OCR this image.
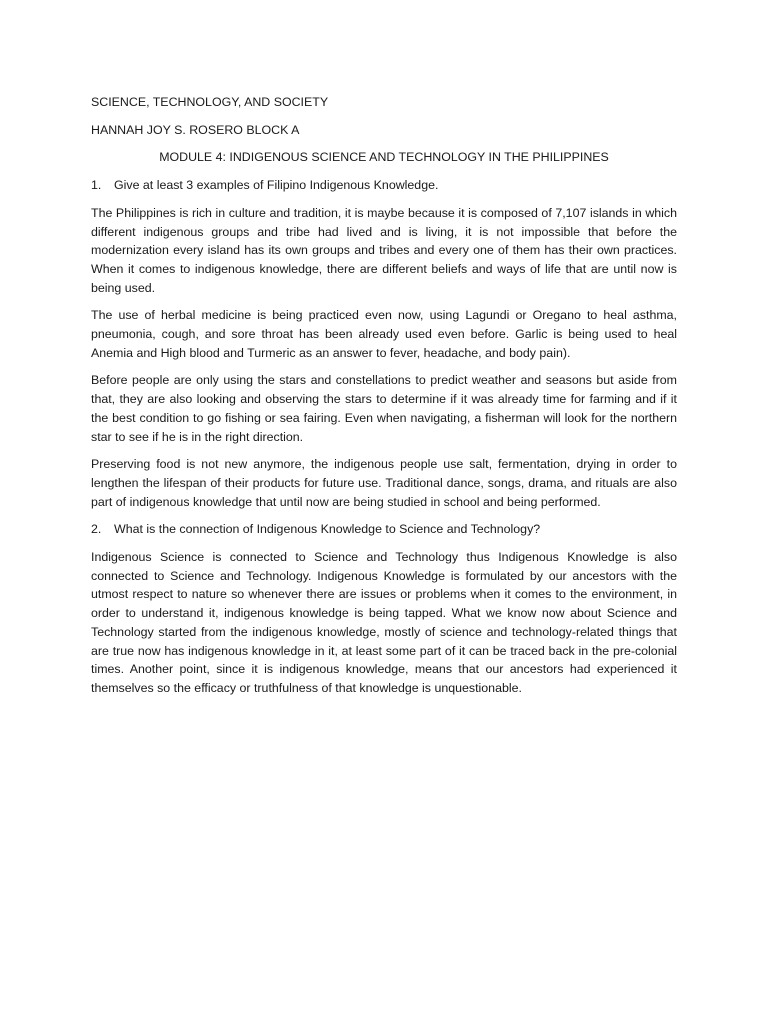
SCIENCE, TECHNOLOGY, AND SOCIETY
HANNAH JOY S. ROSERO BLOCK A
MODULE 4: INDIGENOUS SCIENCE AND TECHNOLOGY IN THE PHILIPPINES
1.	Give at least 3 examples of Filipino Indigenous Knowledge.

The Philippines is rich in culture and tradition, it is maybe because it is composed of 7,107 islands in which different indigenous groups and tribe had lived and is living, it is not impossible that before the modernization every island has its own groups and tribes and every one of them has their own practices. When it comes to indigenous knowledge, there are different beliefs and ways of life that are until now is being used.

The use of herbal medicine is being practiced even now, using Lagundi or Oregano to heal asthma, pneumonia, cough, and sore throat has been already used even before. Garlic is being used to heal Anemia and High blood and Turmeric as an answer to fever, headache, and body pain).

Before people are only using the stars and constellations to predict weather and seasons but aside from that, they are also looking and observing the stars to determine if it was already time for farming and if it the best condition to go fishing or sea fairing. Even when navigating, a fisherman will look for the northern star to see if he is in the right direction.

Preserving food is not new anymore, the indigenous people use salt, fermentation, drying in order to lengthen the lifespan of their products for future use. Traditional dance, songs, drama, and rituals are also part of indigenous knowledge that until now are being studied in school and being performed.

2.	What is the connection of Indigenous Knowledge to Science and Technology?

Indigenous Science is connected to Science and Technology thus Indigenous Knowledge is also connected to Science and Technology. Indigenous Knowledge is formulated by our ancestors with the utmost respect to nature so whenever there are issues or problems when it comes to the environment, in order to understand it, indigenous knowledge is being tapped. What we know now about Science and Technology started from the indigenous knowledge, mostly of science and technology-related things that are true now has indigenous knowledge in it, at least some part of it can be traced back in the pre-colonial times. Another point, since it is indigenous knowledge, means that our ancestors had experienced it themselves so the efficacy or truthfulness of that knowledge is unquestionable.
